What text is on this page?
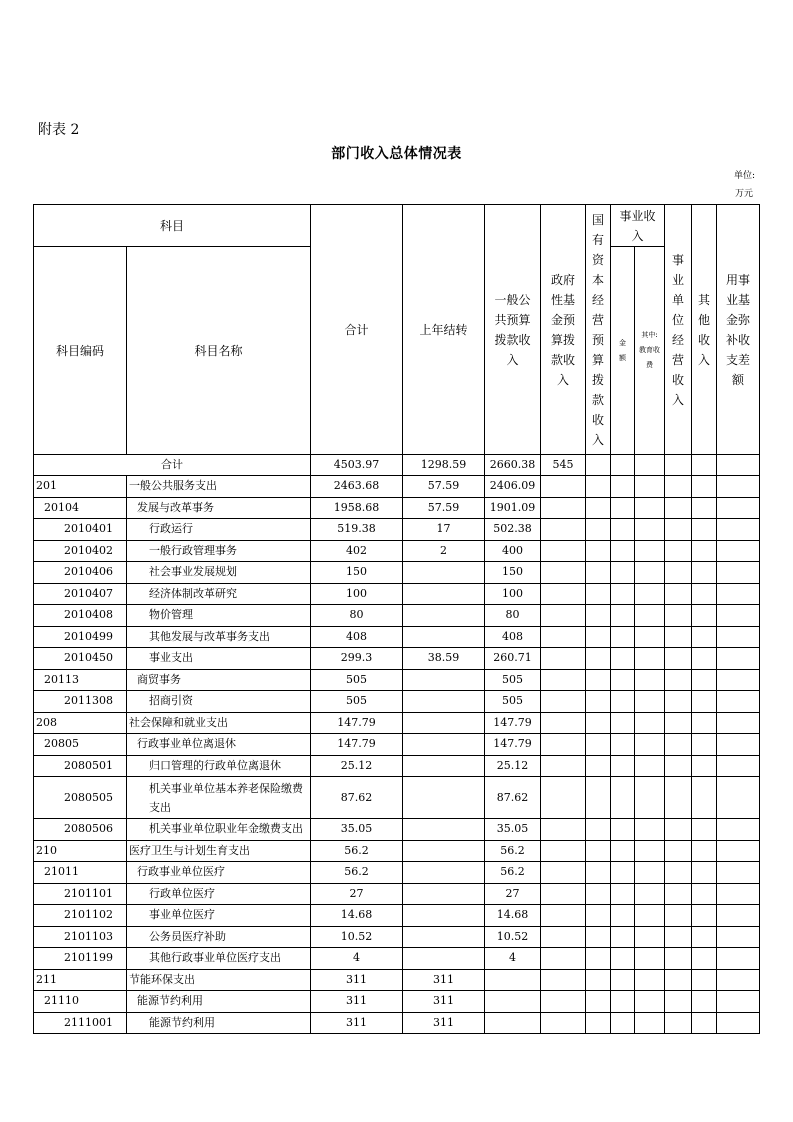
附表 2
部门收入总体情况表
单位:
万元
科目		合计	上年结转	一般公共预算拨款收入	政府性基金预算拨款收入	国有资本经营预算拨款收入	事业收入		事业单位经营收入	其他收入	用事业基金弥补收支差额
科目编码	科目名称						金额	其中:教育收费			
合计		4503.97	1298.59	2660.38	545						
201	一般公共服务支出	2463.68	57.59	2406.09							
20104	发展与改革事务	1958.68	57.59	1901.09							
2010401	行政运行	519.38	17	502.38							
2010402	一般行政管理事务	402	2	400							
2010406	社会事业发展规划	150		150							
2010407	经济体制改革研究	100		100							
2010408	物价管理	80		80							
2010499	其他发展与改革事务支出	408		408							
2010450	事业支出	299.3	38.59	260.71							
20113	商贸事务	505		505							
2011308	招商引资	505		505							
208	社会保障和就业支出	147.79		147.79							
20805	行政事业单位离退休	147.79		147.79							
2080501	归口管理的行政单位离退休	25.12		25.12							
2080505	机关事业单位基本养老保险缴费支出	87.62		87.62							
2080506	机关事业单位职业年金缴费支出	35.05		35.05							
210	医疗卫生与计划生育支出	56.2		56.2							
21011	行政事业单位医疗	56.2		56.2							
2101101	行政单位医疗	27		27							
2101102	事业单位医疗	14.68		14.68							
2101103	公务员医疗补助	10.52		10.52							
2101199	其他行政事业单位医疗支出	4		4							
211	节能环保支出	311	311								
21110	能源节约利用	311	311								
2111001	能源节约利用	311	311								
